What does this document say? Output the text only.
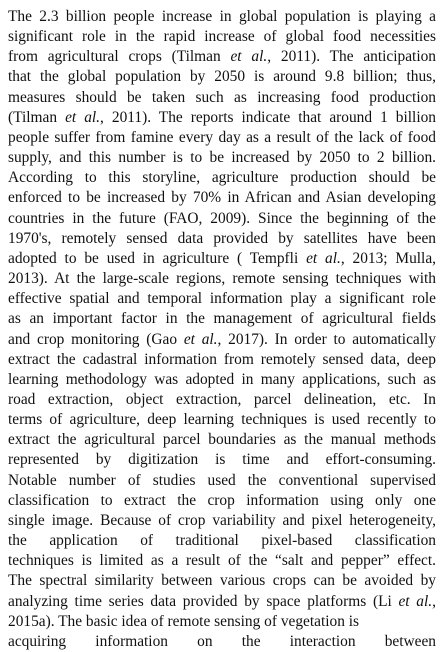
The 2.3 billion people increase in global population is playing a
significant role in the rapid increase of global food necessities
from agricultural crops (Tilman et al., 2011). The anticipation
that the global population by 2050 is around 9.8 billion; thus,
measures should be taken such as increasing food production
(Tilman et al., 2011). The reports indicate that around 1 billion
people suffer from famine every day as a result of the lack of food
supply, and this number is to be increased by 2050 to 2 billion.
According to this storyline, agriculture production should be
enforced to be increased by 70% in African and Asian developing
countries in the future (FAO, 2009). Since the beginning of the
1970's, remotely sensed data provided by satellites have been
adopted to be used in agriculture ( Tempfli et al., 2013; Mulla,
2013). At the large-scale regions, remote sensing techniques with
effective spatial and temporal information play a significant role
as an important factor in the management of agricultural fields
and crop monitoring (Gao et al., 2017). In order to automatically
extract the cadastral information from remotely sensed data, deep
learning methodology was adopted in many applications, such as
road extraction, object extraction, parcel delineation, etc. In
terms of agriculture, deep learning techniques is used recently to
extract the agricultural parcel boundaries as the manual methods
represented by digitization is time and effort-consuming.
Notable number of studies used the conventional supervised
classification to extract the crop information using only one
single image. Because of crop variability and pixel heterogeneity,
the application of traditional pixel-based classification
techniques is limited as a result of the “salt and pepper” effect.
The spectral similarity between various crops can be avoided by
analyzing time series data provided by space platforms (Li et al.,
2015a). The basic idea of remote sensing of vegetation is
acquiring information on the interaction between
